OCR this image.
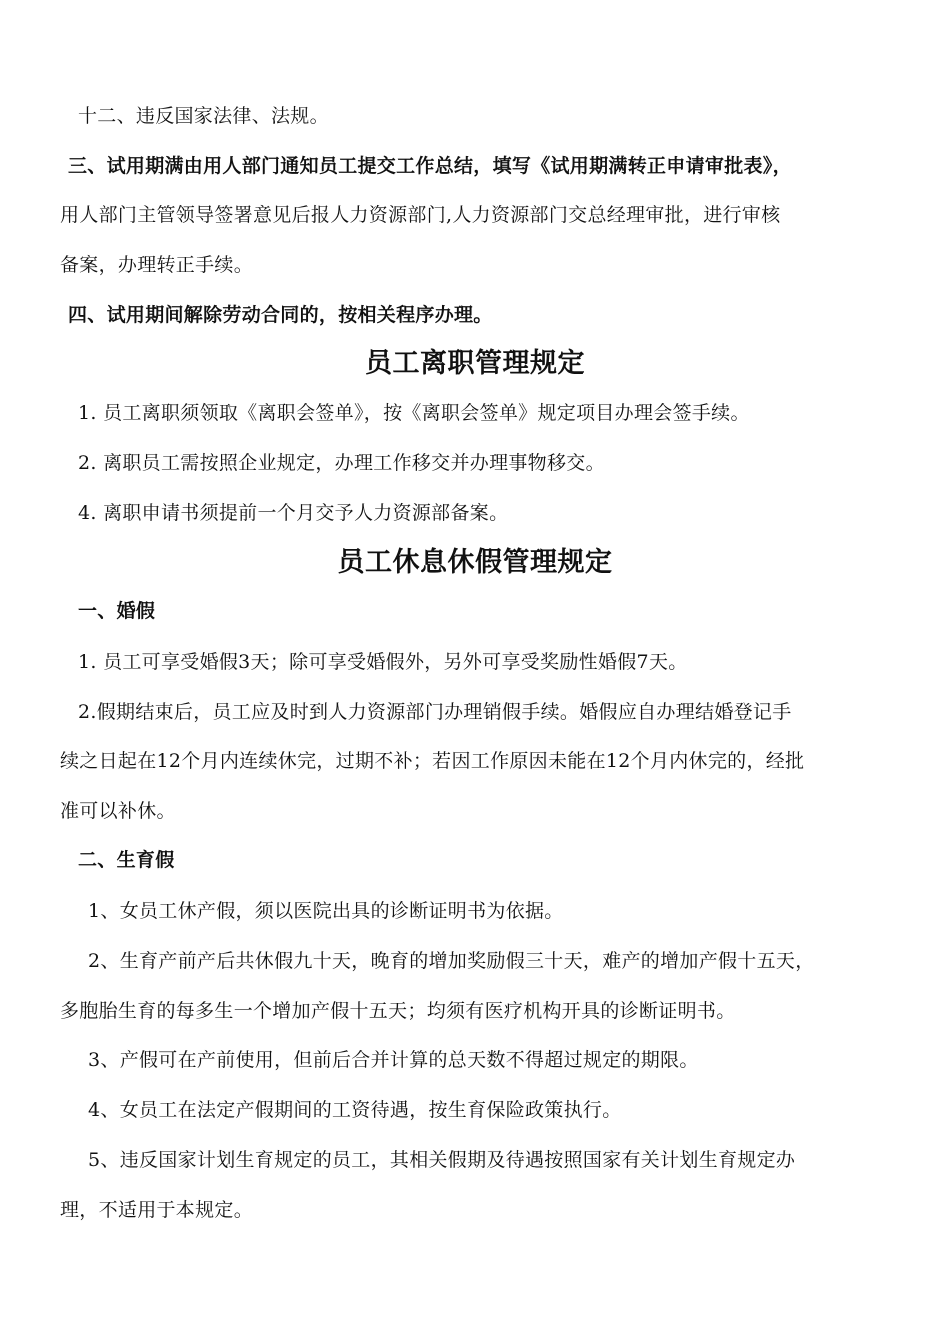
十二、违反国家法律、法规。
三、试用期满由用人部门通知员工提交工作总结，填写《试用期满转正申请审批表》，
用人部门主管领导签署意见后报人力资源部门,人力资源部门交总经理审批，进行审核
备案，办理转正手续。
四、试用期间解除劳动合同的，按相关程序办理。
员工离职管理规定
1. 员工离职须领取《离职会签单》，按《离职会签单》规定项目办理会签手续。
2. 离职员工需按照企业规定，办理工作移交并办理事物移交。
4. 离职申请书须提前一个月交予人力资源部备案。
员工休息休假管理规定
一、婚假
1. 员工可享受婚假3天；除可享受婚假外，另外可享受奖励性婚假7天。
2.假期结束后，员工应及时到人力资源部门办理销假手续。婚假应自办理结婚登记手
续之日起在12个月内连续休完，过期不补；若因工作原因未能在12个月内休完的，经批
准可以补休。
二、生育假
1、女员工休产假，须以医院出具的诊断证明书为依据。
2、生育产前产后共休假九十天，晚育的增加奖励假三十天，难产的增加产假十五天，
多胞胎生育的每多生一个增加产假十五天；均须有医疗机构开具的诊断证明书。
3、产假可在产前使用，但前后合并计算的总天数不得超过规定的期限。
4、女员工在法定产假期间的工资待遇，按生育保险政策执行。
5、违反国家计划生育规定的员工，其相关假期及待遇按照国家有关计划生育规定办
理，不适用于本规定。
